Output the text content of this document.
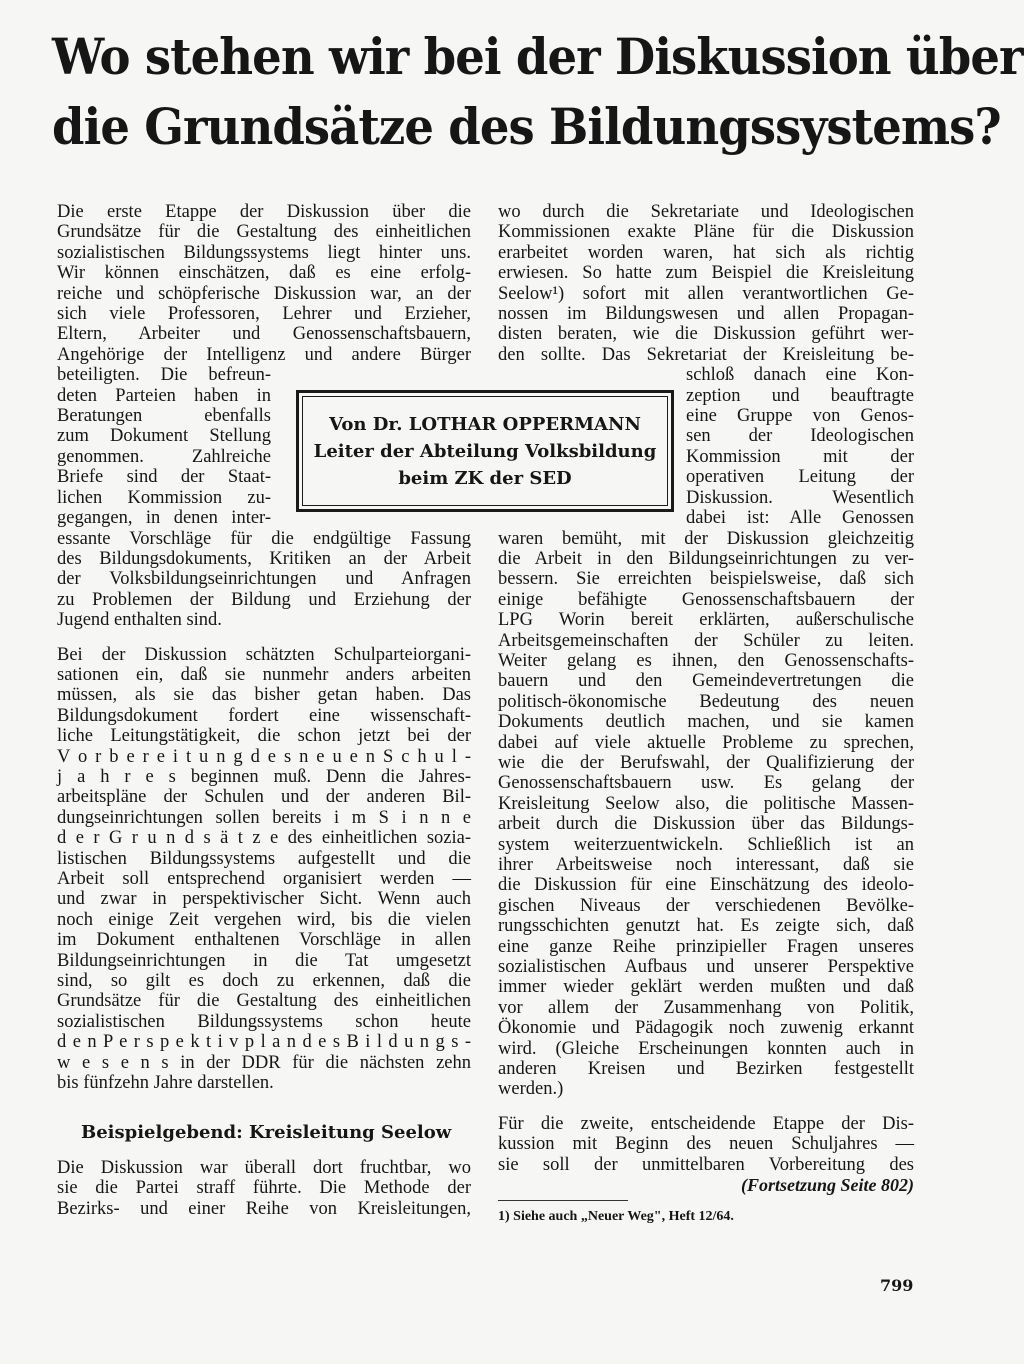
Wo stehen wir bei der Diskussion über
die Grundsätze des Bildungssystems?

Die erste Etappe der Diskussion über die
Grundsätze für die Gestaltung des einheitlichen
sozialistischen Bildungssystems liegt hinter uns.
Wir können einschätzen, daß es eine erfolg-
reiche und schöpferische Diskussion war, an der
sich viele Professoren, Lehrer und Erzieher,
Eltern, Arbeiter und Genossenschaftsbauern,
Angehörige der Intelligenz und andere Bürger

beteiligten. Die befreun-
deten Parteien haben in
Beratungen ebenfalls
zum Dokument Stellung
genommen. Zahlreiche
Briefe sind der Staat-
lichen Kommission zu-
gegangen, in denen inter-

essante Vorschläge für die endgültige Fassung
des Bildungsdokuments, Kritiken an der Arbeit
der Volksbildungseinrichtungen und Anfragen
zu Problemen der Bildung und Erziehung der
Jugend enthalten sind.

Bei der Diskussion schätzten Schulparteiorgani-
sationen ein, daß sie nunmehr anders arbeiten
müssen, als sie das bisher getan haben. Das
Bildungsdokument fordert eine wissenschaft-
liche Leitungstätigkeit, die schon jetzt bei der
V o r b e r e i t u n g d e s n e u e n S c h u l -
j a h r e s beginnen muß. Denn die Jahres-
arbeitspläne der Schulen und der anderen Bil-
dungseinrichtungen sollen bereits i m S i n n e
d e r G r u n d s ä t z e des einheitlichen sozia-
listischen Bildungssystems aufgestellt und die
Arbeit soll entsprechend organisiert werden —
und zwar in perspektivischer Sicht. Wenn auch
noch einige Zeit vergehen wird, bis die vielen
im Dokument enthaltenen Vorschläge in allen
Bildungseinrichtungen in die Tat umgesetzt
sind, so gilt es doch zu erkennen, daß die
Grundsätze für die Gestaltung des einheitlichen
sozialistischen Bildungssystems schon heute
d e n P e r s p e k t i v p l a n d e s B i l d u n g s -
w e s e n s in der DDR für die nächsten zehn
bis fünfzehn Jahre darstellen.

Beispielgebend: Kreisleitung Seelow

Die Diskussion war überall dort fruchtbar, wo
sie die Partei straff führte. Die Methode der
Bezirks- und einer Reihe von Kreisleitungen,

Von Dr. LOTHAR OPPERMANN
Leiter der Abteilung Volksbildung
beim ZK der SED

wo durch die Sekretariate und Ideologischen
Kommissionen exakte Pläne für die Diskussion
erarbeitet worden waren, hat sich als richtig
erwiesen. So hatte zum Beispiel die Kreisleitung
Seelow¹) sofort mit allen verantwortlichen Ge-
nossen im Bildungswesen und allen Propagan-
disten beraten, wie die Diskussion geführt wer-
den sollte. Das Sekretariat der Kreisleitung be-

schloß danach eine Kon-
zeption und beauftragte
eine Gruppe von Genos-
sen der Ideologischen
Kommission mit der
operativen Leitung der
Diskussion. Wesentlich
dabei ist: Alle Genossen

waren bemüht, mit der Diskussion gleichzeitig
die Arbeit in den Bildungseinrichtungen zu ver-
bessern. Sie erreichten beispielsweise, daß sich
einige befähigte Genossenschaftsbauern der
LPG Worin bereit erklärten, außerschulische
Arbeitsgemeinschaften der Schüler zu leiten.
Weiter gelang es ihnen, den Genossenschafts-
bauern und den Gemeindevertretungen die
politisch-ökonomische Bedeutung des neuen
Dokuments deutlich machen, und sie kamen
dabei auf viele aktuelle Probleme zu sprechen,
wie die der Berufswahl, der Qualifizierung der
Genossenschaftsbauern usw. Es gelang der
Kreisleitung Seelow also, die politische Massen-
arbeit durch die Diskussion über das Bildungs-
system weiterzuentwickeln. Schließlich ist an
ihrer Arbeitsweise noch interessant, daß sie
die Diskussion für eine Einschätzung des ideolo-
gischen Niveaus der verschiedenen Bevölke-
rungsschichten genutzt hat. Es zeigte sich, daß
eine ganze Reihe prinzipieller Fragen unseres
sozialistischen Aufbaus und unserer Perspektive
immer wieder geklärt werden mußten und daß
vor allem der Zusammenhang von Politik,
Ökonomie und Pädagogik noch zuwenig erkannt
wird. (Gleiche Erscheinungen konnten auch in
anderen Kreisen und Bezirken festgestellt
werden.)

Für die zweite, entscheidende Etappe der Dis-
kussion mit Beginn des neuen Schuljahres —
sie soll der unmittelbaren Vorbereitung des

(Fortsetzung Seite 802)
1) Siehe auch „Neuer Weg", Heft 12/64.
799
